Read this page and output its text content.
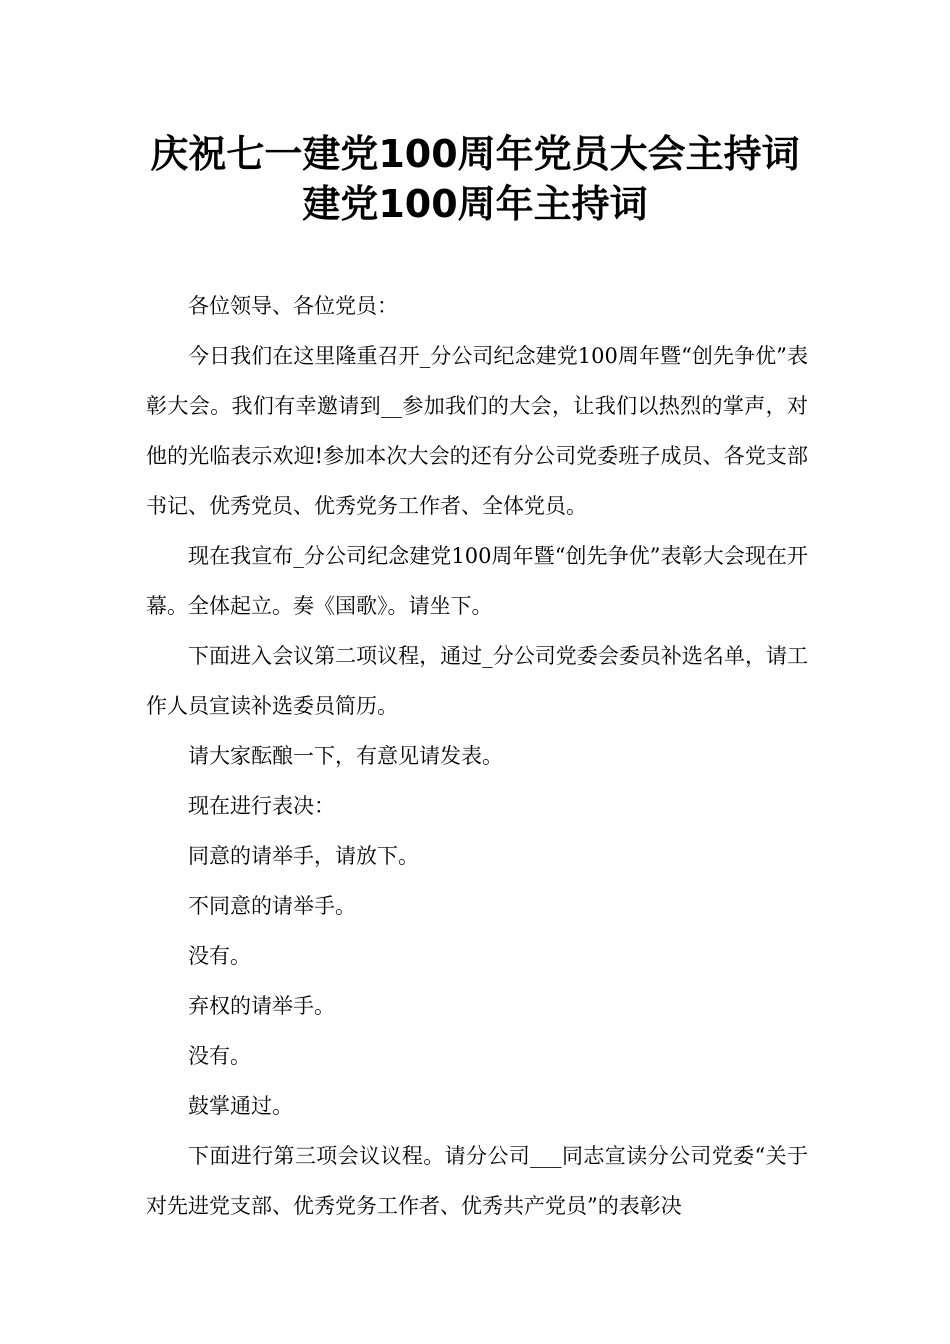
庆祝七一建党100周年党员大会主持词
建党100周年主持词

各位领导、各位党员：

今日我们在这里隆重召开_分公司纪念建党100周年暨“创先争优”表彰大会。我们有幸邀请到__参加我们的大会，让我们以热烈的掌声，对他的光临表示欢迎!参加本次大会的还有分公司党委班子成员、各党支部书记、优秀党员、优秀党务工作者、全体党员。

现在我宣布_分公司纪念建党100周年暨“创先争优”表彰大会现在开幕。全体起立。奏《国歌》。请坐下。

下面进入会议第二项议程，通过_分公司党委会委员补选名单，请工作人员宣读补选委员简历。

请大家酝酿一下，有意见请发表。

现在进行表决：

同意的请举手，请放下。

不同意的请举手。

没有。

弃权的请举手。

没有。

鼓掌通过。

下面进行第三项会议议程。请分公司___同志宣读分公司党委“关于对先进党支部、优秀党务工作者、优秀共产党员”的表彰决
